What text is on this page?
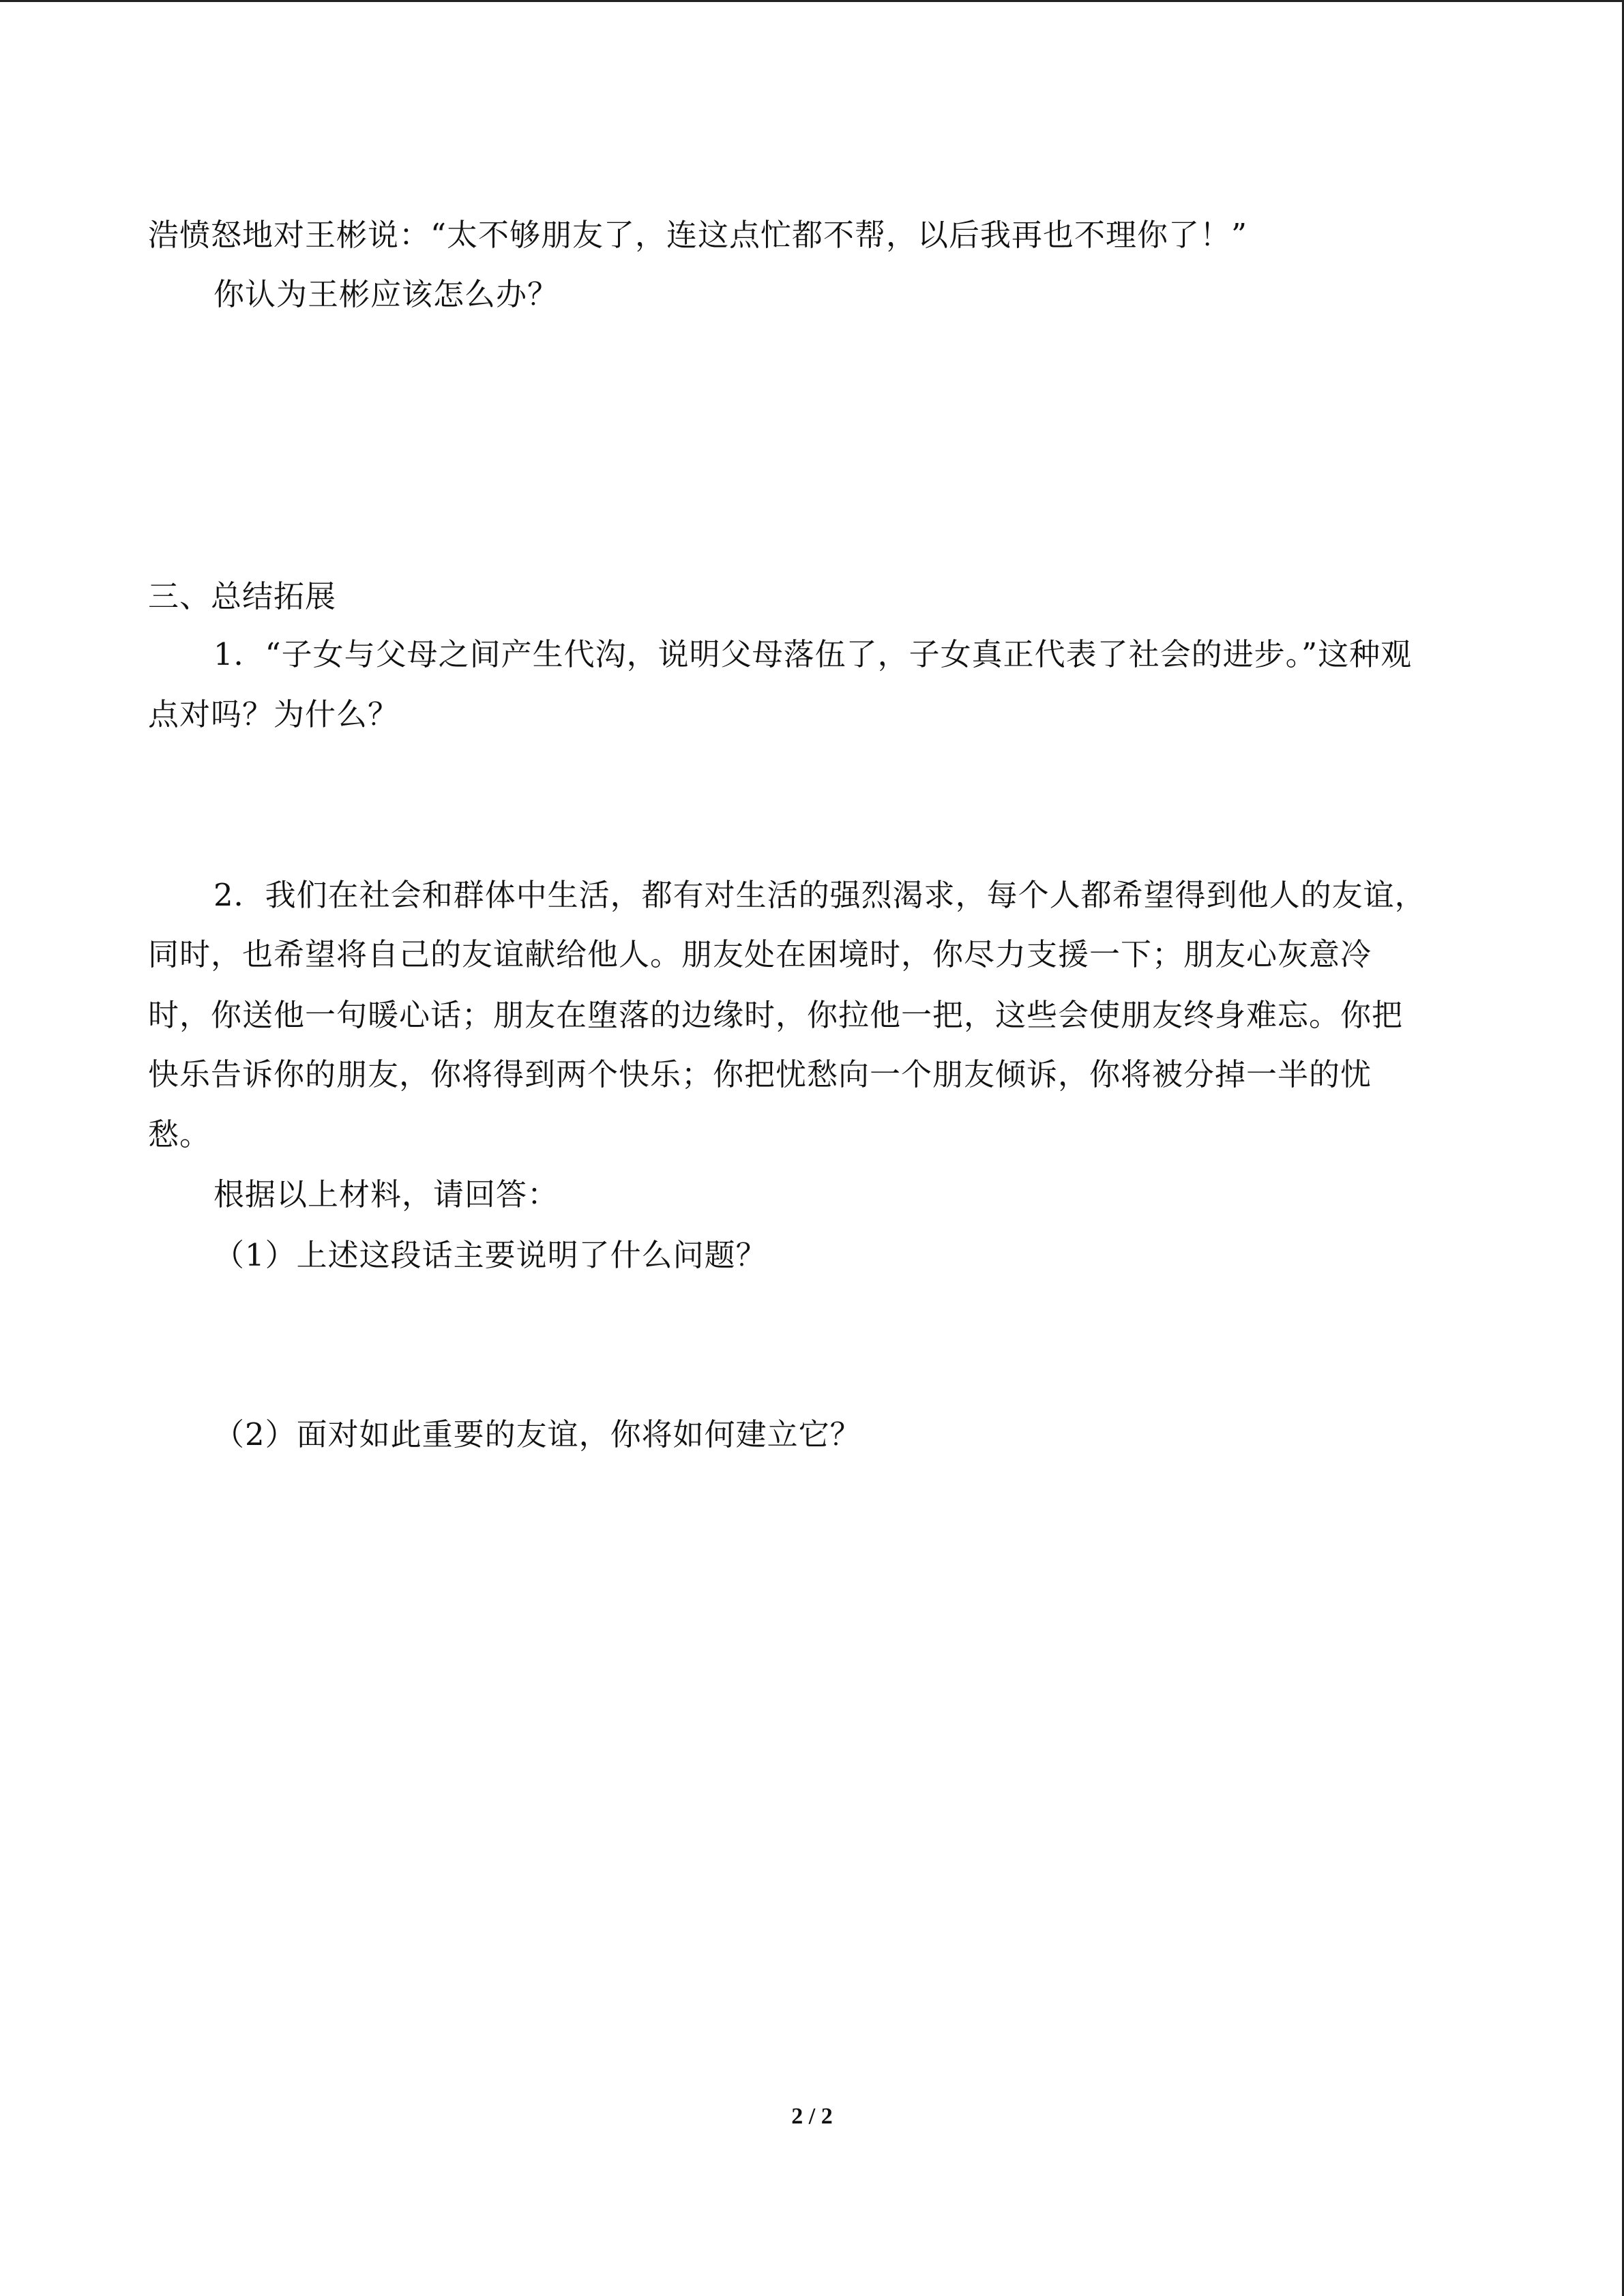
浩愤怒地对王彬说：“太不够朋友了，连这点忙都不帮，以后我再也不理你了！”
你认为王彬应该怎么办？
三、总结拓展
1．“子女与父母之间产生代沟，说明父母落伍了，子女真正代表了社会的进步。”这种观
点对吗？为什么？
2．我们在社会和群体中生活，都有对生活的强烈渴求，每个人都希望得到他人的友谊，
同时，也希望将自己的友谊献给他人。朋友处在困境时，你尽力支援一下；朋友心灰意冷
时，你送他一句暖心话；朋友在堕落的边缘时，你拉他一把，这些会使朋友终身难忘。你把
快乐告诉你的朋友，你将得到两个快乐；你把忧愁向一个朋友倾诉，你将被分掉一半的忧
愁。
根据以上材料，请回答：
（1）上述这段话主要说明了什么问题？
（2）面对如此重要的友谊，你将如何建立它？
2 / 2
